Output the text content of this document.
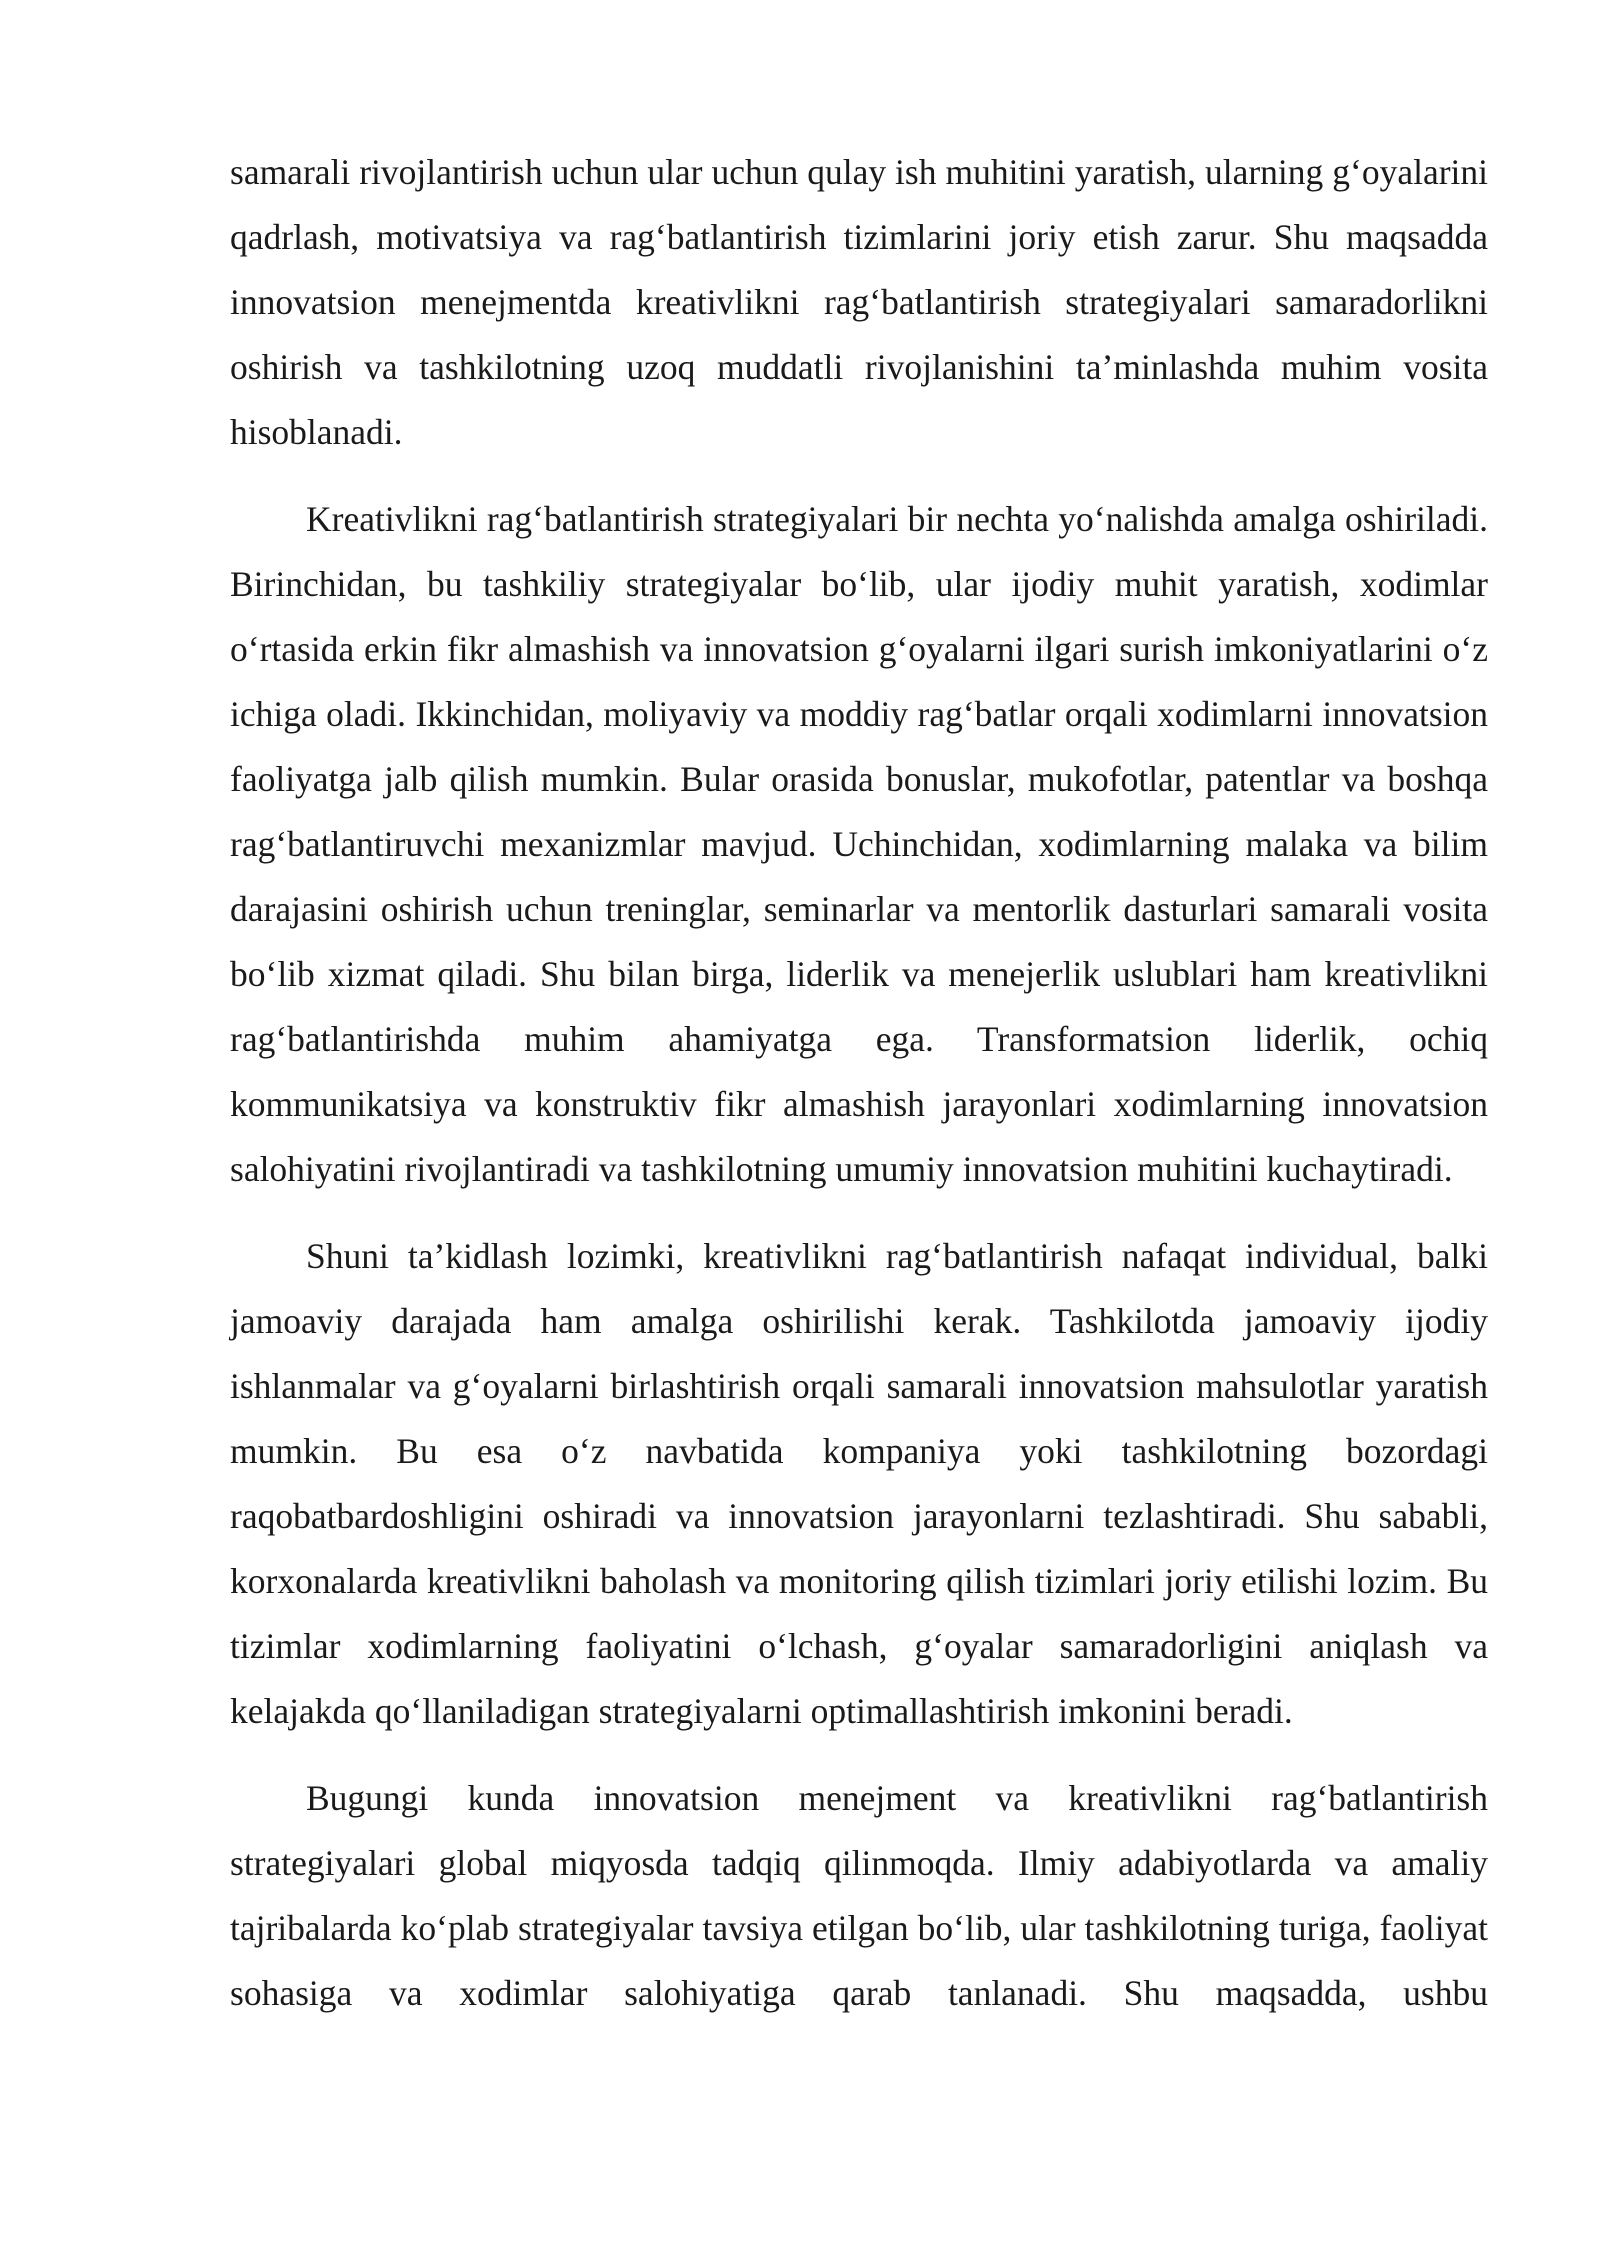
samarali rivojlantirish uchun ular uchun qulay ish muhitini yaratish, ularning g‘oyalarini qadrlash, motivatsiya va rag‘batlantirish tizimlarini joriy etish zarur. Shu maqsadda innovatsion menejmentda kreativlikni rag‘batlantirish strategiyalari samaradorlikni oshirish va tashkilotning uzoq muddatli rivojlanishini ta’minlashda muhim vosita hisoblanadi.

Kreativlikni rag‘batlantirish strategiyalari bir nechta yo‘nalishda amalga oshiriladi. Birinchidan, bu tashkiliy strategiyalar bo‘lib, ular ijodiy muhit yaratish, xodimlar o‘rtasida erkin fikr almashish va innovatsion g‘oyalarni ilgari surish imkoniyatlarini o‘z ichiga oladi. Ikkinchidan, moliyaviy va moddiy rag‘batlar orqali xodimlarni innovatsion faoliyatga jalb qilish mumkin. Bular orasida bonuslar, mukofotlar, patentlar va boshqa rag‘batlantiruvchi mexanizmlar mavjud. Uchinchidan, xodimlarning malaka va bilim darajasini oshirish uchun treninglar, seminarlar va mentorlik dasturlari samarali vosita bo‘lib xizmat qiladi. Shu bilan birga, liderlik va menejerlik uslublari ham kreativlikni rag‘batlantirishda muhim ahamiyatga ega. Transformatsion liderlik, ochiq kommunikatsiya va konstruktiv fikr almashish jarayonlari xodimlarning innovatsion salohiyatini rivojlantiradi va tashkilotning umumiy innovatsion muhitini kuchaytiradi.

Shuni ta’kidlash lozimki, kreativlikni rag‘batlantirish nafaqat individual, balki jamoaviy darajada ham amalga oshirilishi kerak. Tashkilotda jamoaviy ijodiy ishlanmalar va g‘oyalarni birlashtirish orqali samarali innovatsion mahsulotlar yaratish mumkin. Bu esa o‘z navbatida kompaniya yoki tashkilotning bozordagi raqobatbardoshligini oshiradi va innovatsion jarayonlarni tezlashtiradi. Shu sababli, korxonalarda kreativlikni baholash va monitoring qilish tizimlari joriy etilishi lozim. Bu tizimlar xodimlarning faoliyatini o‘lchash, g‘oyalar samaradorligini aniqlash va kelajakda qo‘llaniladigan strategiyalarni optimallashtirish imkonini beradi.

Bugungi kunda innovatsion menejment va kreativlikni rag‘batlantirish strategiyalari global miqyosda tadqiq qilinmoqda. Ilmiy adabiyotlarda va amaliy tajribalarda ko‘plab strategiyalar tavsiya etilgan bo‘lib, ular tashkilotning turiga, faoliyat sohasiga va xodimlar salohiyatiga qarab tanlanadi. Shu maqsadda, ushbu
